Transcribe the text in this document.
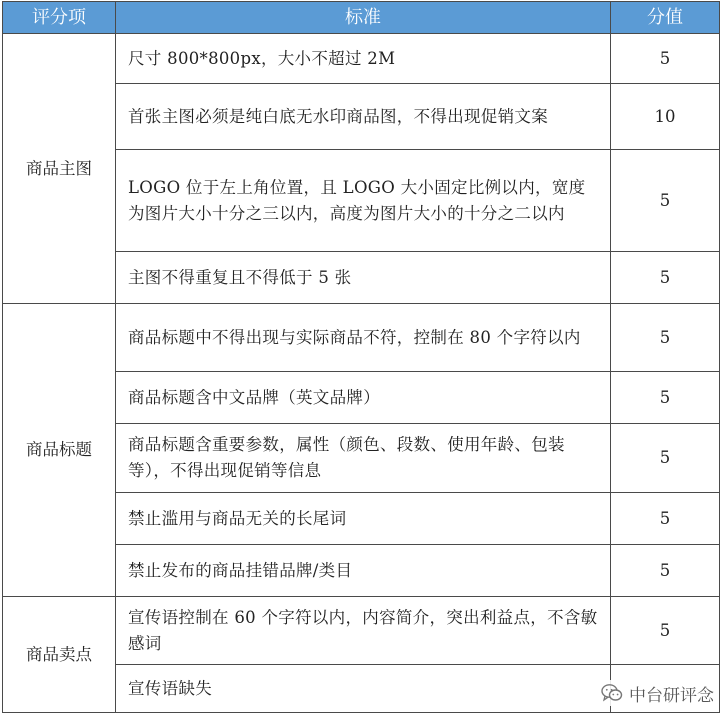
评分项	标准	分值
商品主图	尺寸 800*800px，大小不超过 2M	5
	首张主图必须是纯白底无水印商品图，不得出现促销文案	10
	LOGO 位于左上角位置，且 LOGO 大小固定比例以内，宽度为图片大小十分之三以内，高度为图片大小的十分之二以内	5
	主图不得重复且不得低于 5 张	5
商品标题	商品标题中不得出现与实际商品不符，控制在 80 个字符以内	5
	商品标题含中文品牌（英文品牌）	5
	商品标题含重要参数，属性（颜色、段数、使用年龄、包装等），不得出现促销等信息	5
	禁止滥用与商品无关的长尾词	5
	禁止发布的商品挂错品牌/类目	5
商品卖点	宣传语控制在 60 个字符以内，内容简介，突出利益点，不含敏感词	5
	宣传语缺失		中台研评念
